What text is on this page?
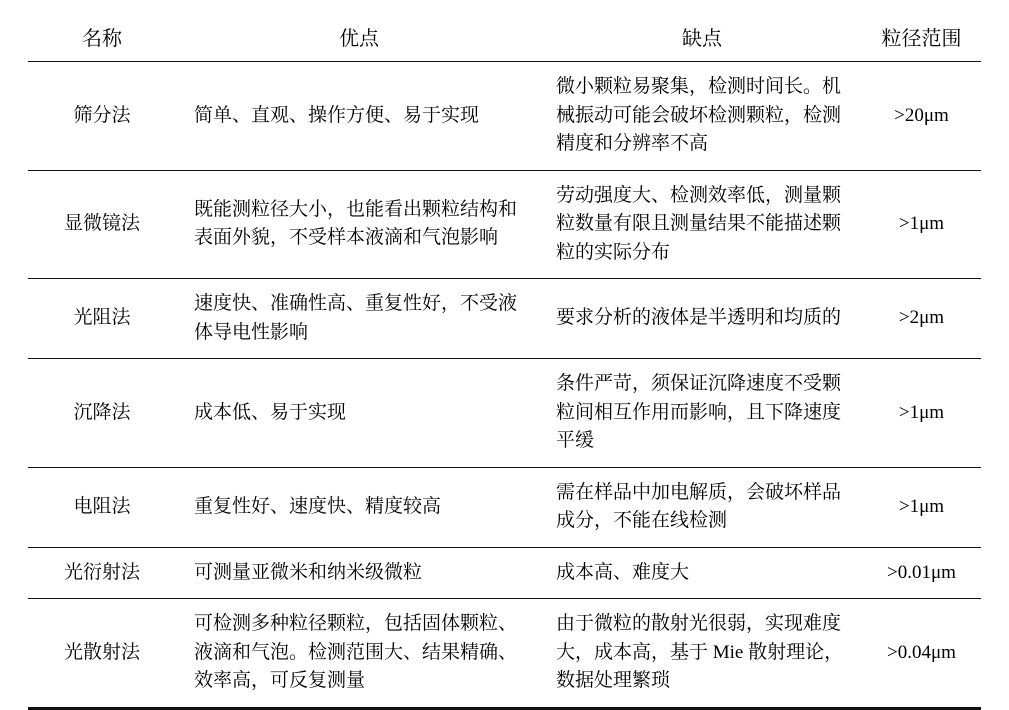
名称	优点	缺点	粒径范围
筛分法	简单、直观、操作方便、易于实现	微小颗粒易聚集，检测时间长。机械振动可能会破坏检测颗粒，检测精度和分辨率不高	>20μm
显微镜法	既能测粒径大小，也能看出颗粒结构和表面外貌，不受样本液滴和气泡影响	劳动强度大、检测效率低，测量颗粒数量有限且测量结果不能描述颗粒的实际分布	>1μm
光阻法	速度快、准确性高、重复性好，不受液体导电性影响	要求分析的液体是半透明和均质的	>2μm
沉降法	成本低、易于实现	条件严苛，须保证沉降速度不受颗粒间相互作用而影响，且下降速度平缓	>1μm
电阻法	重复性好、速度快、精度较高	需在样品中加电解质，会破坏样品成分，不能在线检测	>1μm
光衍射法	可测量亚微米和纳米级微粒	成本高、难度大	>0.01μm
光散射法	可检测多种粒径颗粒，包括固体颗粒、液滴和气泡。检测范围大、结果精确、效率高，可反复测量	由于微粒的散射光很弱，实现难度大，成本高，基于 Mie 散射理论，数据处理繁琐	>0.04μm
